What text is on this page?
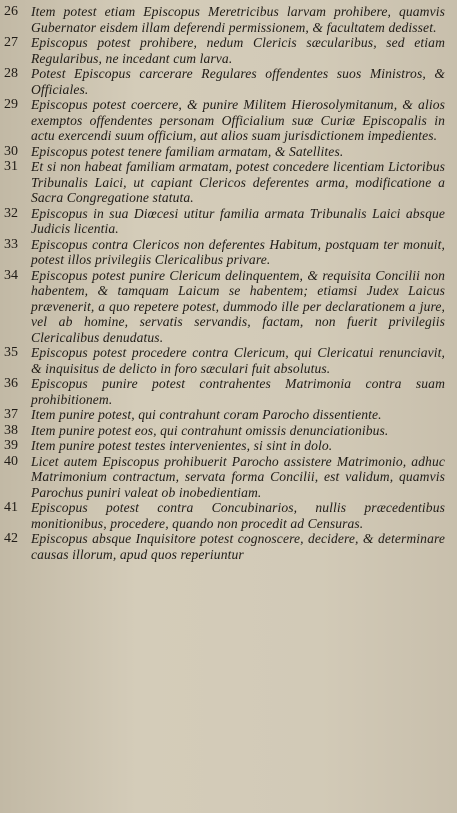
26 Item potest etiam Episcopus Meretricibus larvam prohibere, quamvis Gubernator eisdem illam deferendi permissionem, & facultatem dedisset.
27 Episcopus potest prohibere, nedum Clericis sæcularibus, sed etiam Regularibus, ne incedant cum larva.
28 Potest Episcopus carcerare Regulares offendentes suos Ministros, & Officiales.
29 Episcopus potest coercere, & punire Militem Hierosolymitanum, & alios exemptos offendentes personam Officialium suæ Curiæ Episcopalis in actu exercendi suum officium, aut alios suam jurisdictionem impedientes.
30 Episcopus potest tenere familiam armatam, & Satellites.
31 Et si non habeat familiam armatam, potest concedere licentiam Lictoribus Tribunalis Laici, ut capiant Clericos deferentes arma, modificatione a Sacra Congregatione statuta.
32 Episcopus in sua Diœcesi utitur familia armata Tribunalis Laici absque Judicis licentia.
33 Episcopus contra Clericos non deferentes Habitum, postquam ter monuit, potest illos privilegiis Clericalibus privare.
34 Episcopus potest punire Clericum delinquentem, & requisita Concilii non habentem, & tamquam Laicum se habentem; etiamsi Judex Laicus prævenerit, a quo repetere potest, dummodo ille per declarationem a jure, vel ab homine, servatis servandis, factam, non fuerit privilegiis Clericalibus denudatus.
35 Episcopus potest procedere contra Clericum, qui Clericatui renunciavit, & inquisitus de delicto in foro sæculari fuit absolutus.
36 Episcopus punire potest contrahentes Matrimonia contra suam prohibitionem.
37 Item punire potest, qui contrahunt coram Parocho dissentiente.
38 Item punire potest eos, qui contrahunt omissis denunciationibus.
39 Item punire potest testes intervenientes, si sint in dolo.
40 Licet autem Episcopus prohibuerit Parocho assistere Matrimonio, adhuc Matrimonium contractum, servata forma Concilii, est validum, quamvis Parochus puniri valeat ob inobedientiam.
41 Episcopus potest contra Concubinarios, nullis præcedentibus monitionibus, procedere, quando non procedit ad Censuras.
42 Episcopus absque Inquisitore potest cognoscere, decidere, & determinare causas illorum, apud quos reperiuntur
